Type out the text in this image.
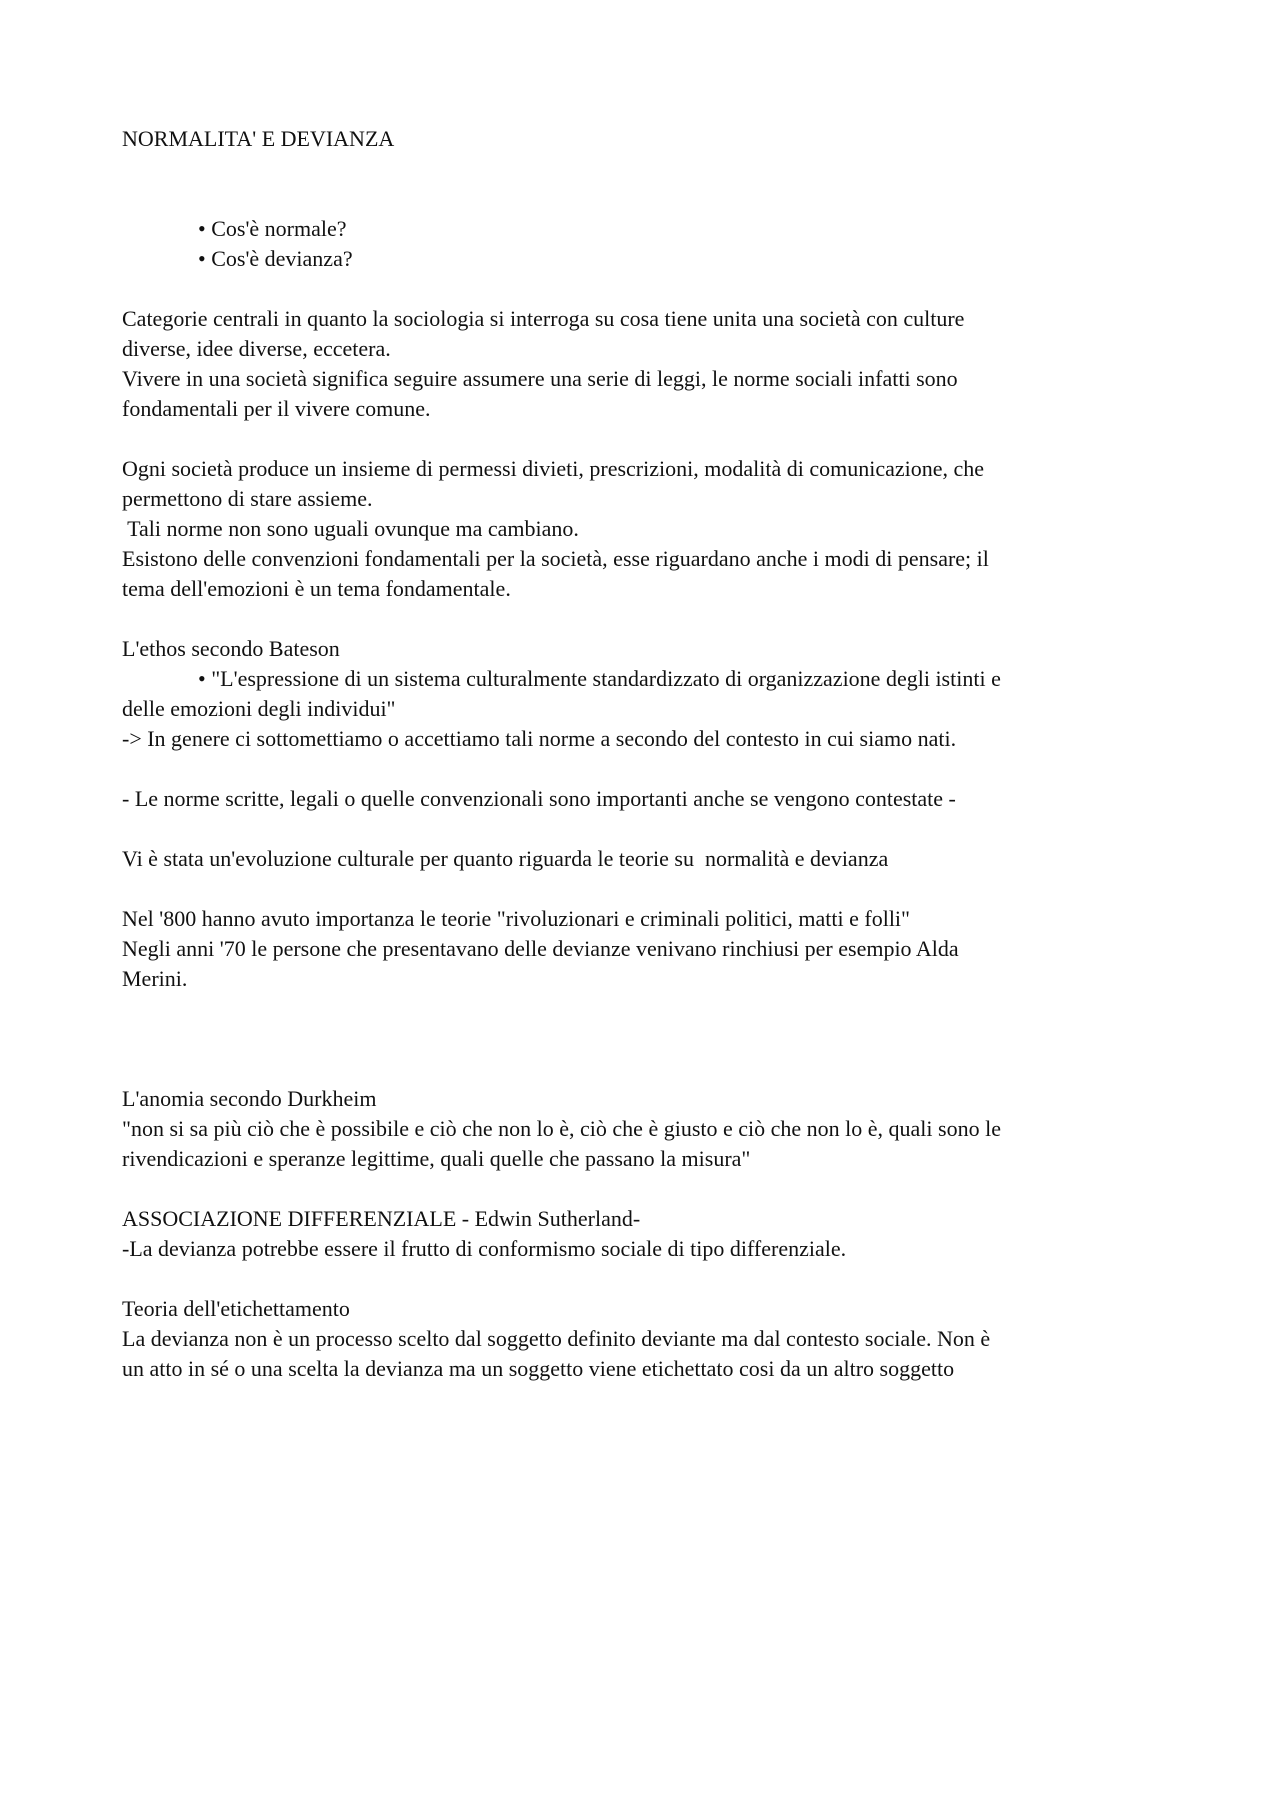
NORMALITA' E DEVIANZA
• Cos'è normale?
• Cos'è devianza?
Categorie centrali in quanto la sociologia si interroga su cosa tiene unita una società con culture
diverse, idee diverse, eccetera.
Vivere in una società significa seguire assumere una serie di leggi, le norme sociali infatti sono
fondamentali per il vivere comune.
Ogni società produce un insieme di permessi divieti, prescrizioni, modalità di comunicazione, che
permettono di stare assieme.
Tali norme non sono uguali ovunque ma cambiano.
Esistono delle convenzioni fondamentali per la società, esse riguardano anche i modi di pensare; il
tema dell'emozioni è un tema fondamentale.
L'ethos secondo Bateson
• "L'espressione di un sistema culturalmente standardizzato di organizzazione degli istinti e
delle emozioni degli individui"
-> In genere ci sottomettiamo o accettiamo tali norme a secondo del contesto in cui siamo nati.
- Le norme scritte, legali o quelle convenzionali sono importanti anche se vengono contestate -
Vi è stata un'evoluzione culturale per quanto riguarda le teorie su  normalità e devianza
Nel '800 hanno avuto importanza le teorie "rivoluzionari e criminali politici, matti e folli"
Negli anni '70 le persone che presentavano delle devianze venivano rinchiusi per esempio Alda
Merini.
L'anomia secondo Durkheim
"non si sa più ciò che è possibile e ciò che non lo è, ciò che è giusto e ciò che non lo è, quali sono le
rivendicazioni e speranze legittime, quali quelle che passano la misura"
ASSOCIAZIONE DIFFERENZIALE - Edwin Sutherland-
-La devianza potrebbe essere il frutto di conformismo sociale di tipo differenziale.
Teoria dell'etichettamento
La devianza non è un processo scelto dal soggetto definito deviante ma dal contesto sociale. Non è
un atto in sé o una scelta la devianza ma un soggetto viene etichettato cosi da un altro soggetto
